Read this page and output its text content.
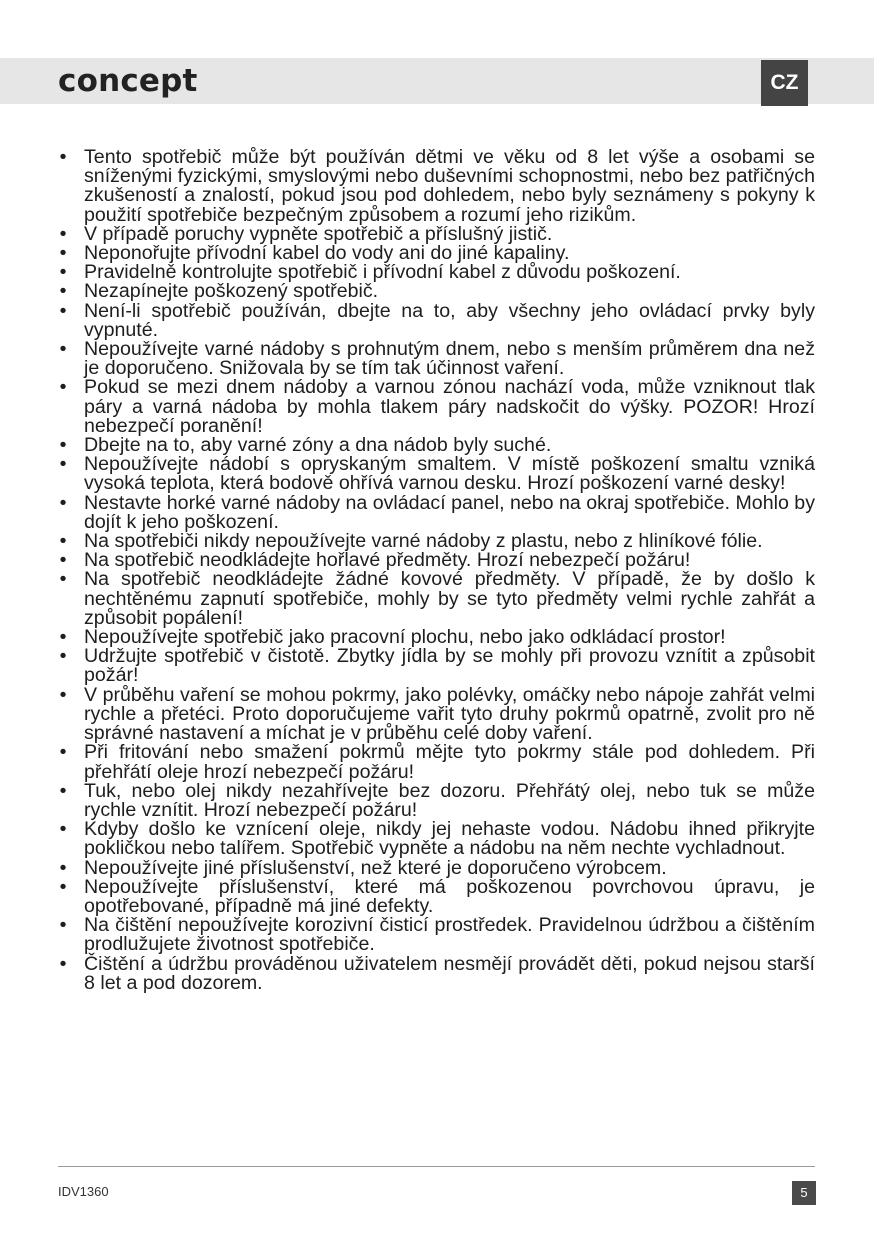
concept	CZ
• Tento spotřebič může být používán dětmi ve věku od 8 let výše a osobami se sníženými fyzickými, smyslovými nebo duševními schopnostmi, nebo bez patřičných zkušeností a znalostí, pokud jsou pod dohledem, nebo byly seznámeny s pokyny k použití spotřebiče bezpečným způsobem a rozumí jeho rizikům.
• V případě poruchy vypněte spotřebič a příslušný jistič.
• Neponořujte přívodní kabel do vody ani do jiné kapaliny.
• Pravidelně kontrolujte spotřebič i přívodní kabel z důvodu poškození.
• Nezapínejte poškozený spotřebič.
• Není-li spotřebič používán, dbejte na to, aby všechny jeho ovládací prvky byly vypnuté.
• Nepoužívejte varné nádoby s prohnutým dnem, nebo s menším průměrem dna než je doporučeno. Snižovala by se tím tak účinnost vaření.
• Pokud se mezi dnem nádoby a varnou zónou nachází voda, může vzniknout tlak páry a varná nádoba by mohla tlakem páry nadskočit do výšky. POZOR! Hrozí nebezpečí poranění!
• Dbejte na to, aby varné zóny a dna nádob byly suché.
• Nepoužívejte nádobí s opryskaným smaltem. V místě poškození smaltu vzniká vysoká teplota, která bodově ohřívá varnou desku. Hrozí poškození varné desky!
• Nestavte horké varné nádoby na ovládací panel, nebo na okraj spotřebiče. Mohlo by dojít k jeho poškození.
• Na spotřebiči nikdy nepoužívejte varné nádoby z plastu, nebo z hliníkové fólie.
• Na spotřebič neodkládejte hořlavé předměty. Hrozí nebezpečí požáru!
• Na spotřebič neodkládejte žádné kovové předměty. V případě, že by došlo k nechtěnému zapnutí spotřebiče, mohly by se tyto předměty velmi rychle zahřát a způsobit popálení!
• Nepoužívejte spotřebič jako pracovní plochu, nebo jako odkládací prostor!
• Udržujte spotřebič v čistotě. Zbytky jídla by se mohly při provozu vznítit a způsobit požár!
• V průběhu vaření se mohou pokrmy, jako polévky, omáčky nebo nápoje zahřát velmi rychle a přetéci. Proto doporučujeme vařit tyto druhy pokrmů opatrně, zvolit pro ně správné nastavení a míchat je v průběhu celé doby vaření.
• Při fritování nebo smažení pokrmů mějte tyto pokrmy stále pod dohledem. Při přehřátí oleje hrozí nebezpečí požáru!
• Tuk, nebo olej nikdy nezahřívejte bez dozoru. Přehřátý olej, nebo tuk se může rychle vznítit. Hrozí nebezpečí požáru!
• Kdyby došlo ke vznícení oleje, nikdy jej nehaste vodou. Nádobu ihned přikryjte pokličkou nebo talířem. Spotřebič vypněte a nádobu na něm nechte vychladnout.
• Nepoužívejte jiné příslušenství, než které je doporučeno výrobcem.
• Nepoužívejte příslušenství, které má poškozenou povrchovou úpravu, je opotřebované, případně má jiné defekty.
• Na čištění nepoužívejte korozivní čisticí prostředek. Pravidelnou údržbou a čištěním prodlužujete životnost spotřebiče.
• Čištění a údržbu prováděnou uživatelem nesmějí provádět děti, pokud nejsou starší 8 let a pod dozorem.
IDV1360	5
